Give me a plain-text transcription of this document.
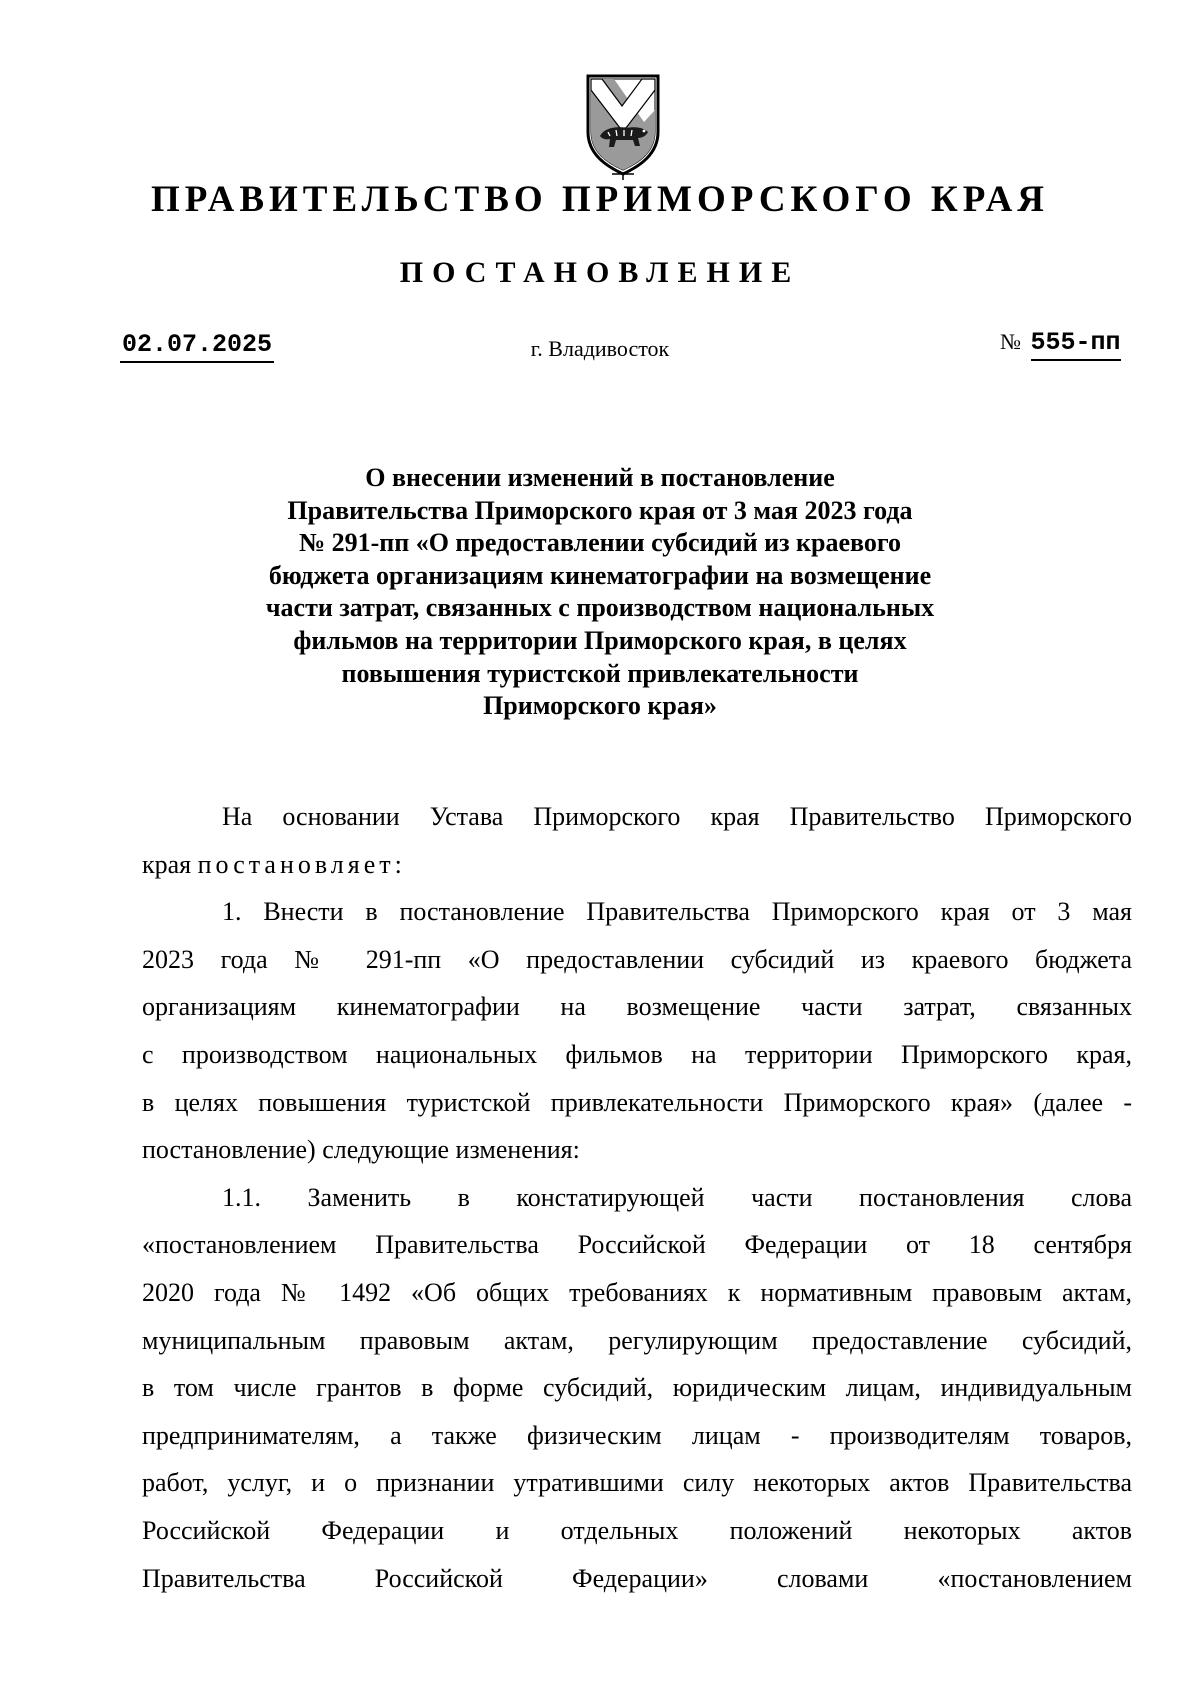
ПРАВИТЕЛЬСТВО ПРИМОРСКОГО КРАЯ
ПОСТАНОВЛЕНИЕ
02.07.2025	г. Владивосток	№ 555-пп
О внесении изменений в постановление
Правительства Приморского края от 3 мая 2023 года
№ 291-пп «О предоставлении субсидий из краевого
бюджета организациям кинематографии на возмещение
части затрат, связанных с производством национальных
фильмов на территории Приморского края, в целях
повышения туристской привлекательности
Приморского края»
На основании Устава Приморского края Правительство Приморского
края постановляет:
1. Внести в постановление Правительства Приморского края от 3 мая
2023 года № 291-пп «О предоставлении субсидий из краевого бюджета
организациям кинематографии на возмещение части затрат, связанных
с производством национальных фильмов на территории Приморского края,
в целях повышения туристской привлекательности Приморского края» (далее -
постановление) следующие изменения:
1.1. Заменить в констатирующей части постановления слова
«постановлением Правительства Российской Федерации от 18 сентября
2020 года № 1492 «Об общих требованиях к нормативным правовым актам,
муниципальным правовым актам, регулирующим предоставление субсидий,
в том числе грантов в форме субсидий, юридическим лицам, индивидуальным
предпринимателям, а также физическим лицам - производителям товаров,
работ, услуг, и о признании утратившими силу некоторых актов Правительства
Российской Федерации и отдельных положений некоторых актов
Правительства Российской Федерации» словами «постановлением
